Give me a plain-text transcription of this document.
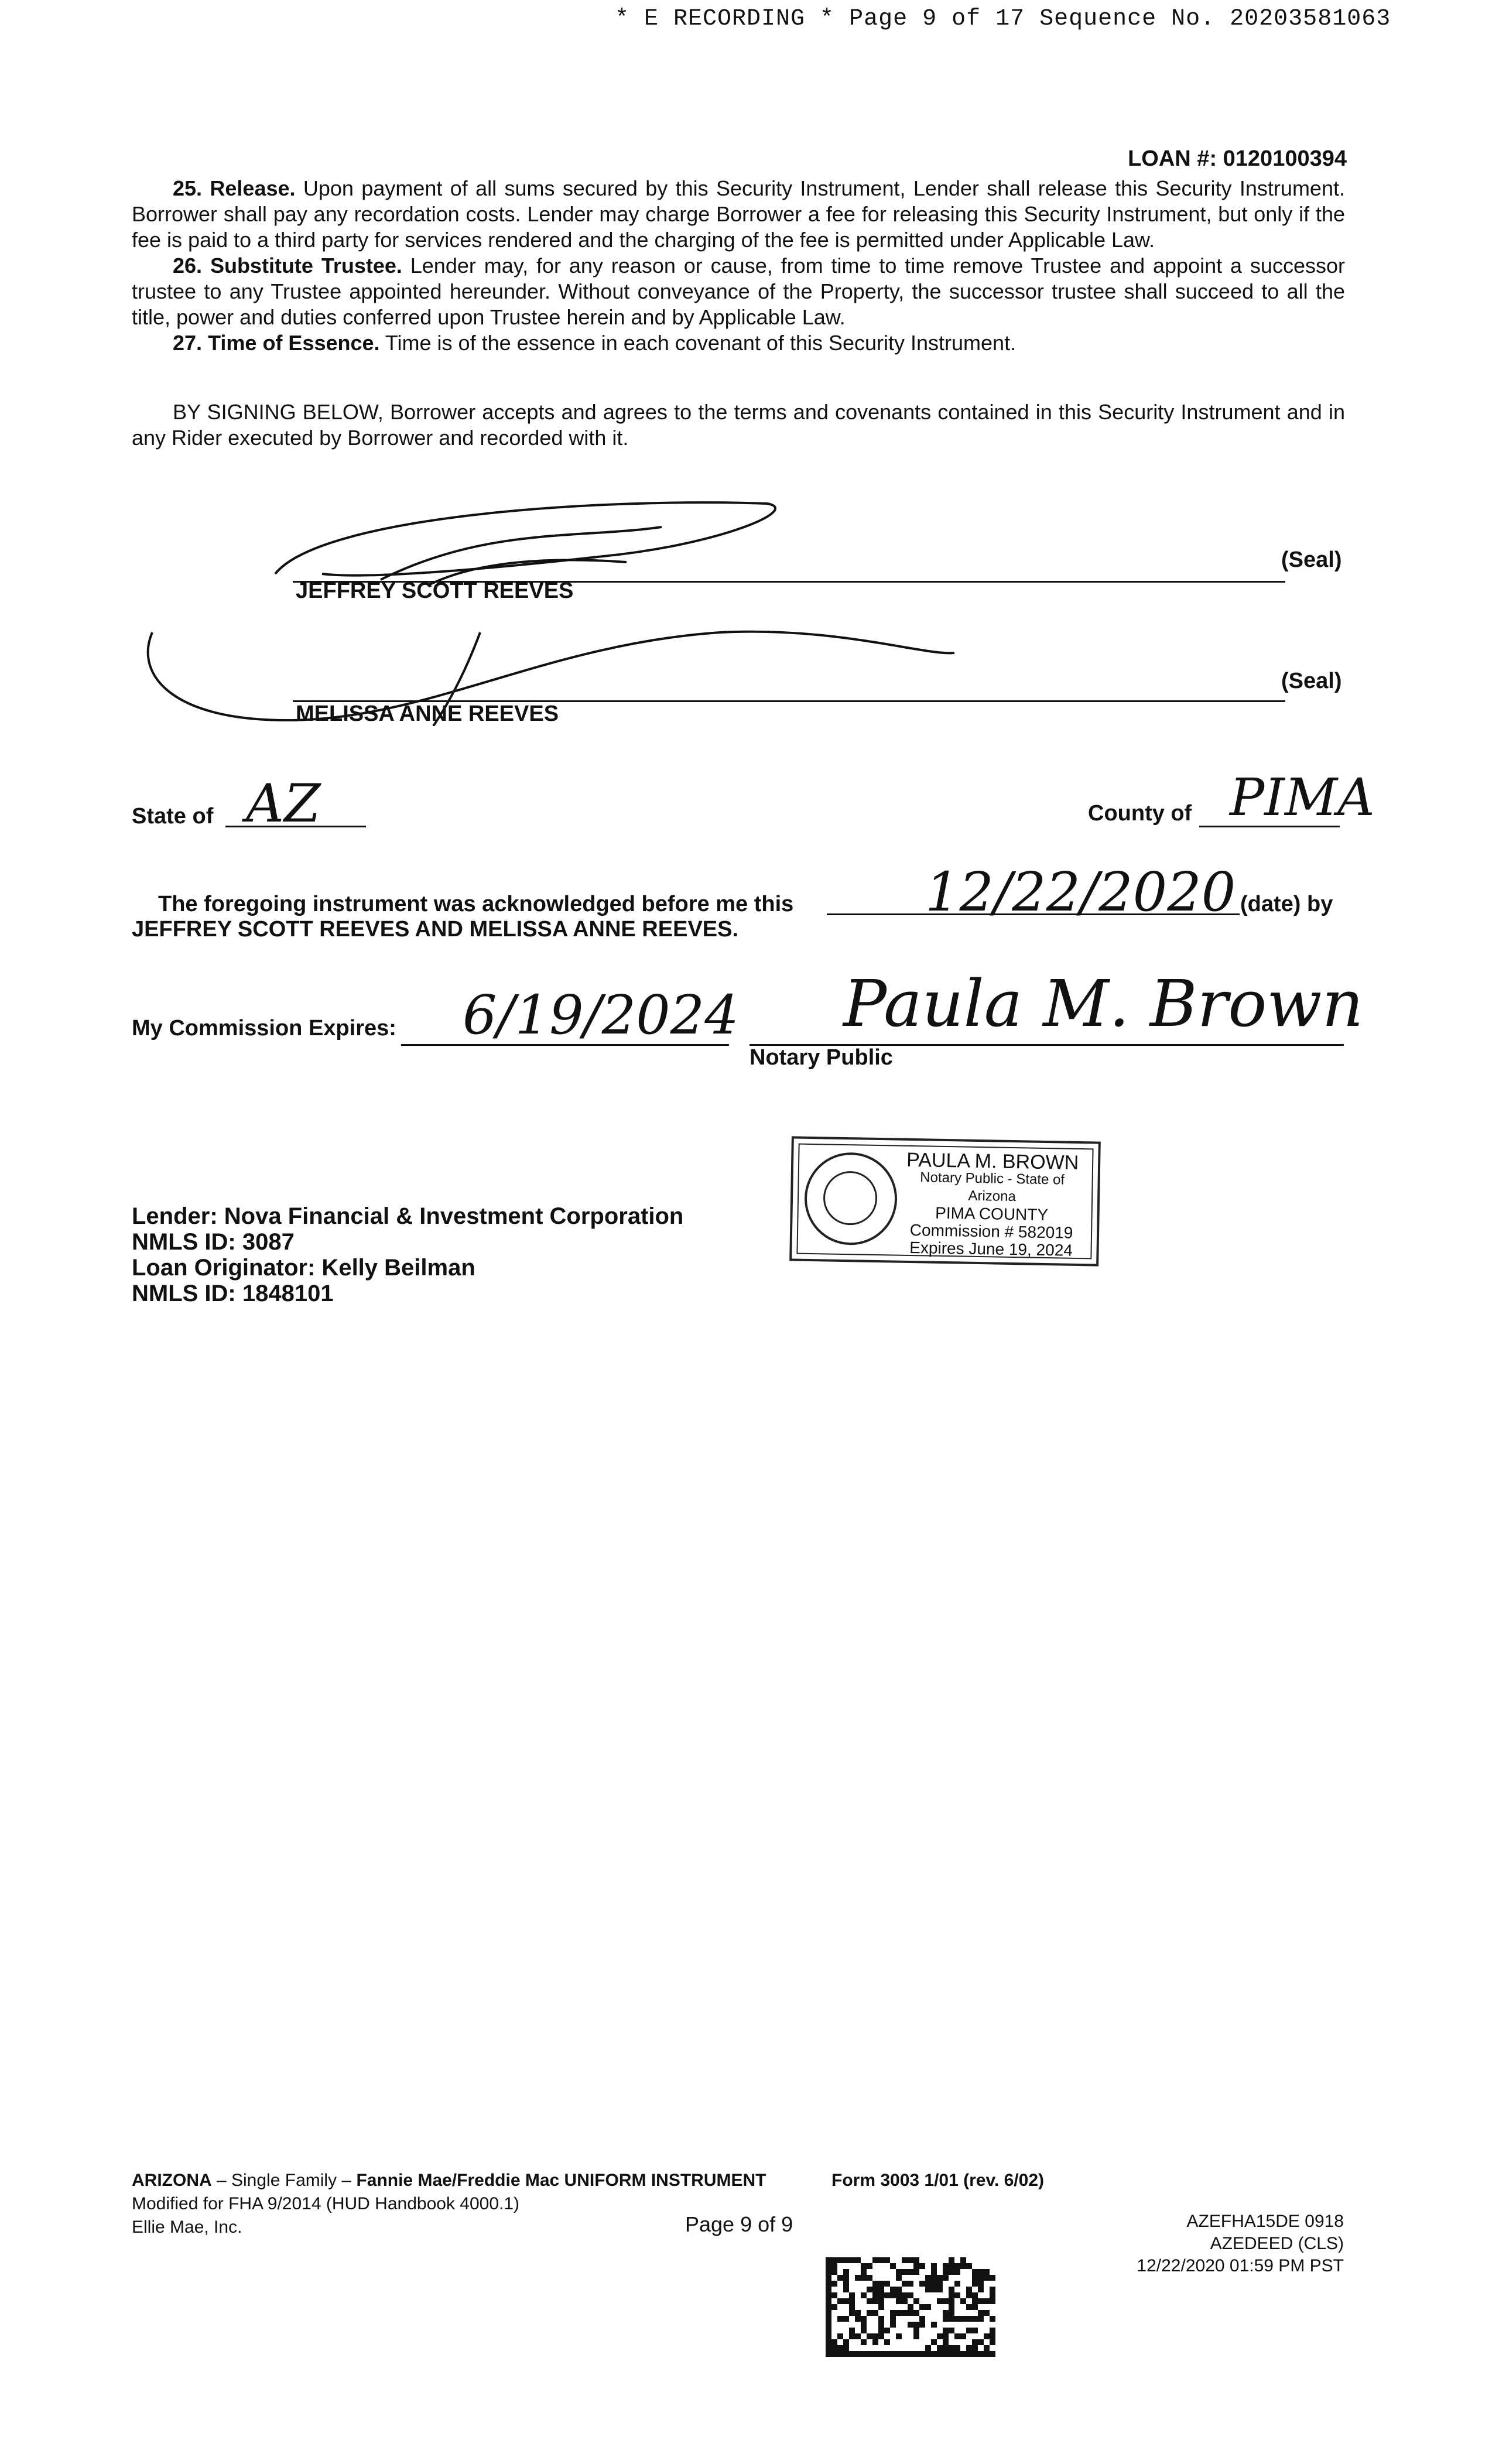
* E RECORDING * Page 9 of 17 Sequence No. 20203581063
LOAN #: 0120100394
25. Release. Upon payment of all sums secured by this Security Instrument, Lender shall release this Security Instrument. Borrower shall pay any recordation costs. Lender may charge Borrower a fee for releasing this Security Instrument, but only if the fee is paid to a third party for services rendered and the charging of the fee is permitted under Applicable Law.
26. Substitute Trustee. Lender may, for any reason or cause, from time to time remove Trustee and appoint a successor trustee to any Trustee appointed hereunder. Without conveyance of the Property, the successor trustee shall succeed to all the title, power and duties conferred upon Trustee herein and by Applicable Law.
27. Time of Essence. Time is of the essence in each covenant of this Security Instrument.
BY SIGNING BELOW, Borrower accepts and agrees to the terms and covenants contained in this Security Instrument and in any Rider executed by Borrower and recorded with it.
(Seal)
JEFFREY SCOTT REEVES
(Seal)
MELISSA ANNE REEVES
State of AZ	County of PIMA
The foregoing instrument was acknowledged before me this 12/22/2020 (date) by
JEFFREY SCOTT REEVES AND MELISSA ANNE REEVES.
My Commission Expires: 6/19/2024 Paula M. Brown
Notary Public
PAULA M. BROWN
Notary Public - State of Arizona
PIMA COUNTY
Commission # 582019
Expires June 19, 2024
Lender: Nova Financial & Investment Corporation
NMLS ID: 3087
Loan Originator: Kelly Beilman
NMLS ID: 1848101
ARIZONA – Single Family – Fannie Mae/Freddie Mac UNIFORM INSTRUMENT	Form 3003 1/01 (rev. 6/02)
Modified for FHA 9/2014 (HUD Handbook 4000.1)
Ellie Mae, Inc.	Page 9 of 9	AZEFHA15DE 0918
AZEDEED (CLS)
12/22/2020 01:59 PM PST
